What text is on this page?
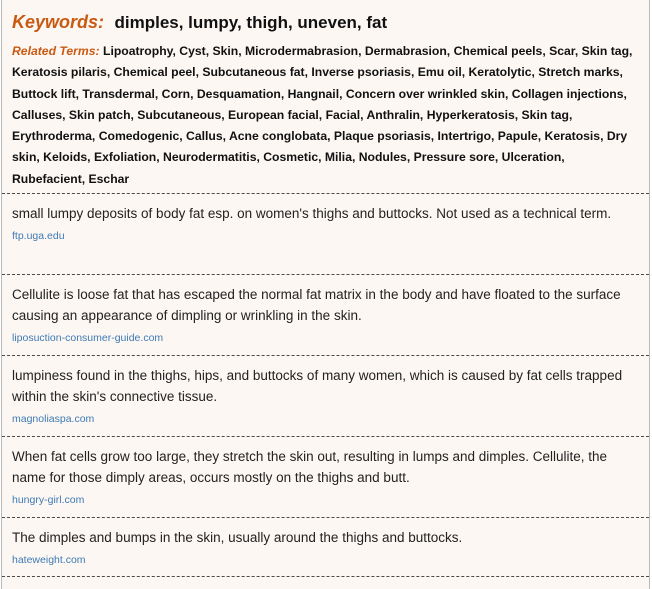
Keywords: dimples, lumpy, thigh, uneven, fat
Related Terms: Lipoatrophy, Cyst, Skin, Microdermabrasion, Dermabrasion, Chemical peels, Scar, Skin tag, Keratosis pilaris, Chemical peel, Subcutaneous fat, Inverse psoriasis, Emu oil, Keratolytic, Stretch marks, Buttock lift, Transdermal, Corn, Desquamation, Hangnail, Concern over wrinkled skin, Collagen injections, Calluses, Skin patch, Subcutaneous, European facial, Facial, Anthralin, Hyperkeratosis, Skin tag, Erythroderma, Comedogenic, Callus, Acne conglobata, Plaque psoriasis, Intertrigo, Papule, Keratosis, Dry skin, Keloids, Exfoliation, Neurodermatitis, Cosmetic, Milia, Nodules, Pressure sore, Ulceration, Rubefacient, Eschar
small lumpy deposits of body fat esp. on women's thighs and buttocks. Not used as a technical term.
ftp.uga.edu
Cellulite is loose fat that has escaped the normal fat matrix in the body and have floated to the surface causing an appearance of dimpling or wrinkling in the skin.
liposuction-consumer-guide.com
lumpiness found in the thighs, hips, and buttocks of many women, which is caused by fat cells trapped within the skin's connective tissue.
magnoliaspa.com
When fat cells grow too large, they stretch the skin out, resulting in lumps and dimples. Cellulite, the name for those dimply areas, occurs mostly on the thighs and butt.
hungry-girl.com
The dimples and bumps in the skin, usually around the thighs and buttocks.
hateweight.com
